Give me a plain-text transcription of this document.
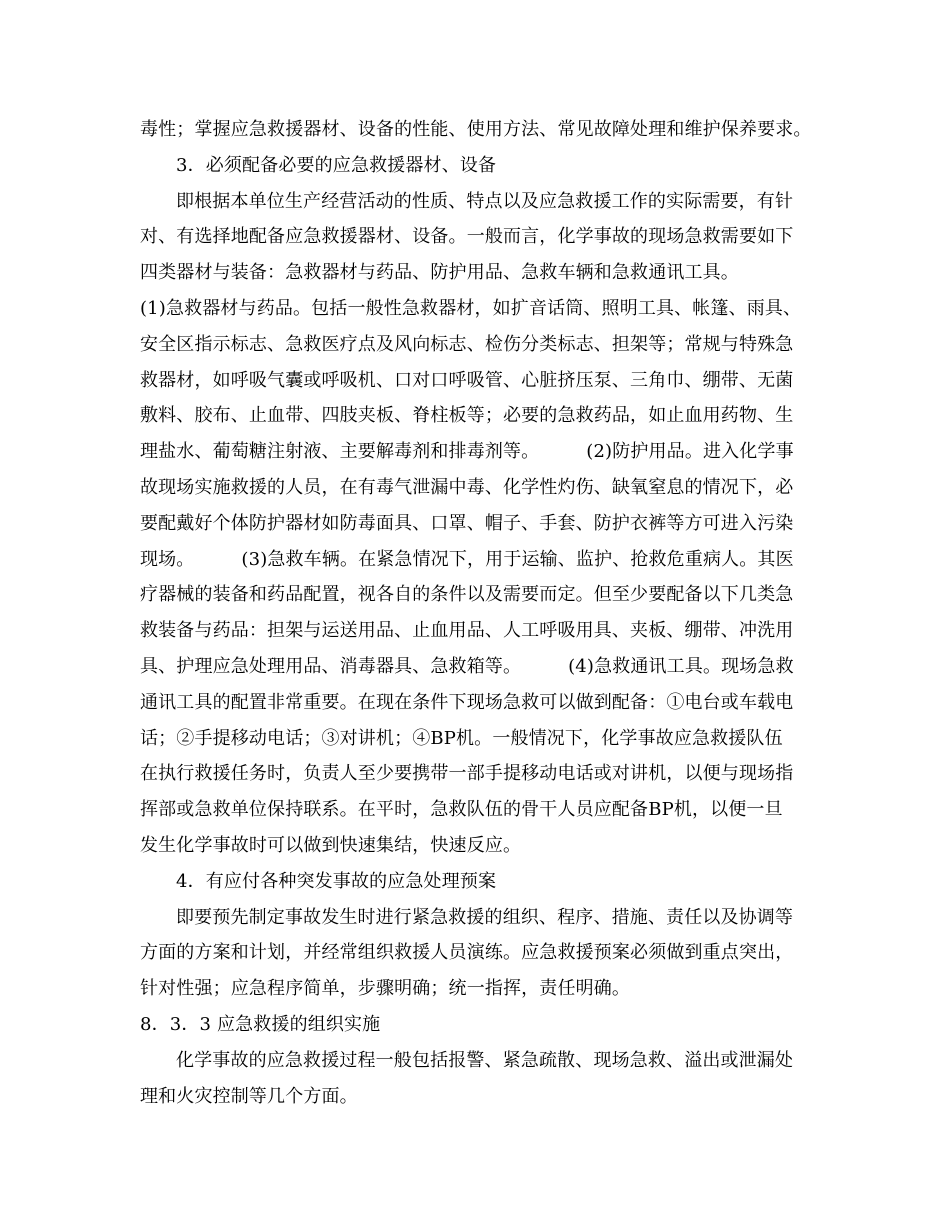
毒性；掌握应急救援器材、设备的性能、使用方法、常见故障处理和维护保养要求。
3．必须配备必要的应急救援器材、设备
即根据本单位生产经营活动的性质、特点以及应急救援工作的实际需要，有针
对、有选择地配备应急救援器材、设备。一般而言，化学事故的现场急救需要如下
四类器材与装备：急救器材与药品、防护用品、急救车辆和急救通讯工具。
(1)急救器材与药品。包括一般性急救器材，如扩音话筒、照明工具、帐篷、雨具、
安全区指示标志、急救医疗点及风向标志、检伤分类标志、担架等；常规与特殊急
救器材，如呼吸气囊或呼吸机、口对口呼吸管、心脏挤压泵、三角巾、绷带、无菌
敷料、胶布、止血带、四肢夹板、脊柱板等；必要的急救药品，如止血用药物、生
理盐水、葡萄糖注射液、主要解毒剂和排毒剂等。        (2)防护用品。进入化学事
故现场实施救援的人员，在有毒气泄漏中毒、化学性灼伤、缺氧窒息的情况下，必
要配戴好个体防护器材如防毒面具、口罩、帽子、手套、防护衣裤等方可进入污染
现场。        (3)急救车辆。在紧急情况下，用于运输、监护、抢救危重病人。其医
疗器械的装备和药品配置，视各自的条件以及需要而定。但至少要配备以下几类急
救装备与药品：担架与运送用品、止血用品、人工呼吸用具、夹板、绷带、冲洗用
具、护理应急处理用品、消毒器具、急救箱等。        (4)急救通讯工具。现场急救
通讯工具的配置非常重要。在现在条件下现场急救可以做到配备：①电台或车载电
话；②手提移动电话；③对讲机；④BP机。一般情况下，化学事故应急救援队伍
在执行救援任务时，负责人至少要携带一部手提移动电话或对讲机，以便与现场指
挥部或急救单位保持联系。在平时，急救队伍的骨干人员应配备BP机，以便一旦
发生化学事故时可以做到快速集结，快速反应。
4．有应付各种突发事故的应急处理预案
即要预先制定事故发生时进行紧急救援的组织、程序、措施、责任以及协调等
方面的方案和计划，并经常组织救援人员演练。应急救援预案必须做到重点突出，
针对性强；应急程序简单，步骤明确；统一指挥，责任明确。
8．3．3 应急救援的组织实施
化学事故的应急救援过程一般包括报警、紧急疏散、现场急救、溢出或泄漏处
理和火灾控制等几个方面。
